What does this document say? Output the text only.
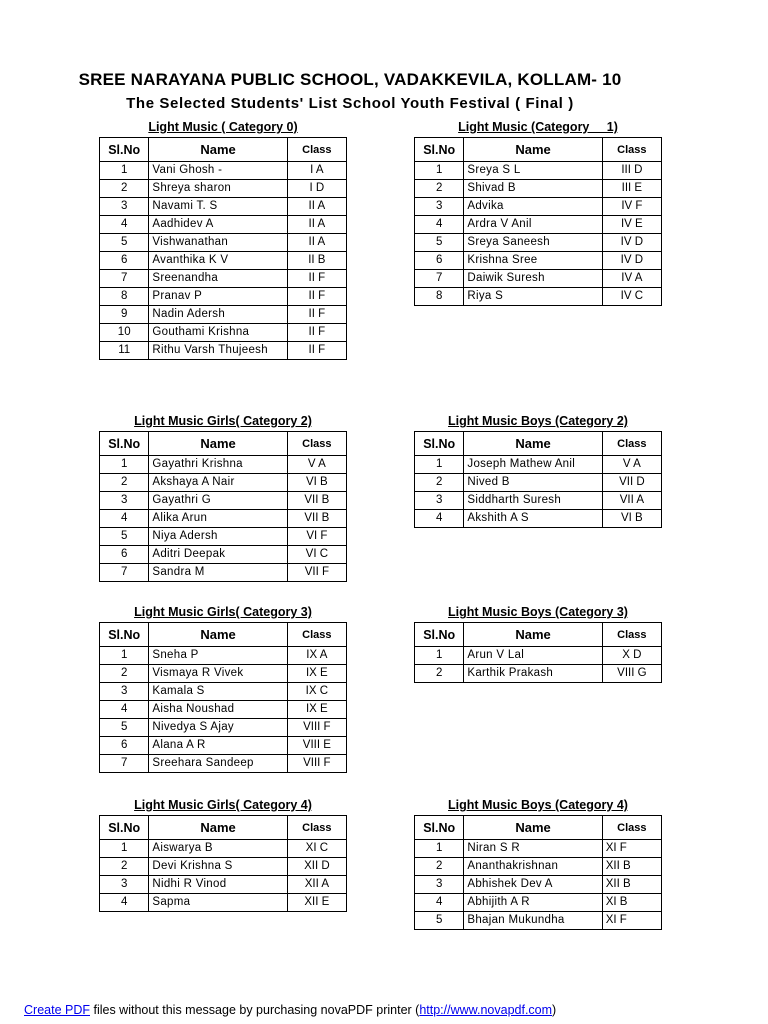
SREE NARAYANA PUBLIC SCHOOL, VADAKKEVILA, KOLLAM- 10
The Selected Students' List School Youth Festival ( Final )
Light Music ( Category 0)
Sl.No	Name	Class
1	Vani Ghosh -	I A
2	Shreya sharon	I D
3	Navami T. S	II A
4	Aadhidev A	II A
5	Vishwanathan	II A
6	Avanthika K V	II B
7	Sreenandha	II F
8	Pranav P	II F
9	Nadin Adersh	II F
10	Gouthami Krishna	II F
11	Rithu Varsh Thujeesh	II F
Light Music (Category     1)
Sl.No	Name	Class
1	Sreya S L	III D
2	Shivad B	III E
3	Advika	IV F
4	Ardra V Anil	IV E
5	Sreya Saneesh	IV D
6	Krishna Sree	IV D
7	Daiwik Suresh	IV A
8	Riya S	IV C
Light Music Girls( Category 2)
Sl.No	Name	Class
1	Gayathri Krishna	V A
2	Akshaya A Nair	VI B
3	Gayathri G	VII B
4	Alika Arun	VII B
5	Niya Adersh	VI F
6	Aditri Deepak	VI C
7	Sandra M	VII F
Light Music Boys (Category 2)
Sl.No	Name	Class
1	Joseph Mathew Anil	V A
2	Nived B	VII D
3	Siddharth Suresh	VII A
4	Akshith A S	VI B
Light Music Girls( Category 3)
Sl.No	Name	Class
1	Sneha P	IX A
2	Vismaya R Vivek	IX E
3	Kamala S	IX C
4	Aisha Noushad	IX E
5	Nivedya S Ajay	VIII F
6	Alana A R	VIII E
7	Sreehara Sandeep	VIII F
Light Music Boys (Category 3)
Sl.No	Name	Class
1	Arun V Lal	X D
2	Karthik Prakash	VIII G
Light Music Girls( Category 4)
Sl.No	Name	Class
1	Aiswarya B	XI C
2	Devi Krishna S	XII D
3	Nidhi R Vinod	XII A
4	Sapma	XII E
Light Music Boys (Category 4)
Sl.No	Name	Class
1	Niran S R	XI F
2	Ananthakrishnan	XII B
3	Abhishek Dev A	XII B
4	Abhijith A R	XI B
5	Bhajan Mukundha	XI F
Create PDF files without this message by purchasing novaPDF printer (http://www.novapdf.com)
